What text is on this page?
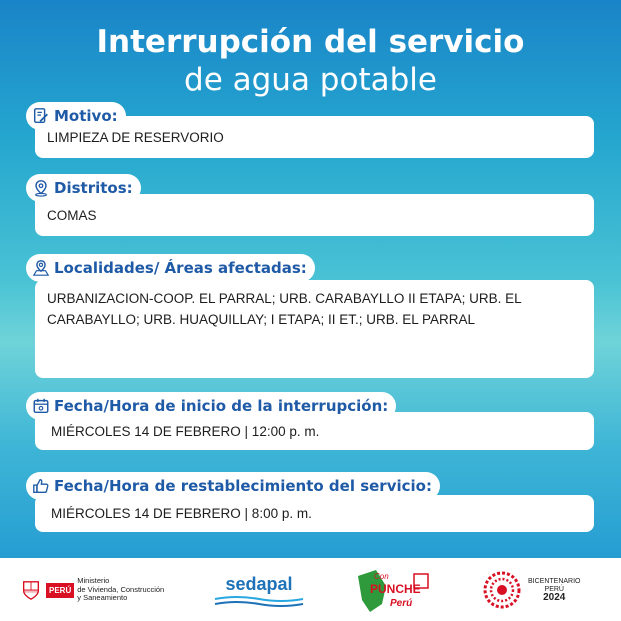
Interrupción del servicio
de agua potable
LIMPIEZA DE RESERVORIO
Motivo:
COMAS
Distritos:
URBANIZACION-COOP. EL PARRAL; URB. CARABAYLLO II ETAPA; URB. EL
CARABAYLLO; URB. HUAQUILLAY; I ETAPA; II ET.; URB. EL PARRAL
Localidades/ Áreas afectadas:
MIÉRCOLES 14 DE FEBRERO | 12:00 p. m.
Fecha/Hora de inicio de la interrupción:
MIÉRCOLES 14 DE FEBRERO | 8:00 p. m.
Fecha/Hora de restablecimiento del servicio:
PERÚ
Ministerio
de Vivienda, Construcción
y Saneamiento
sedapal	Con
PUNCHE
Perú
BICENTENARIO
PERÚ
2024
